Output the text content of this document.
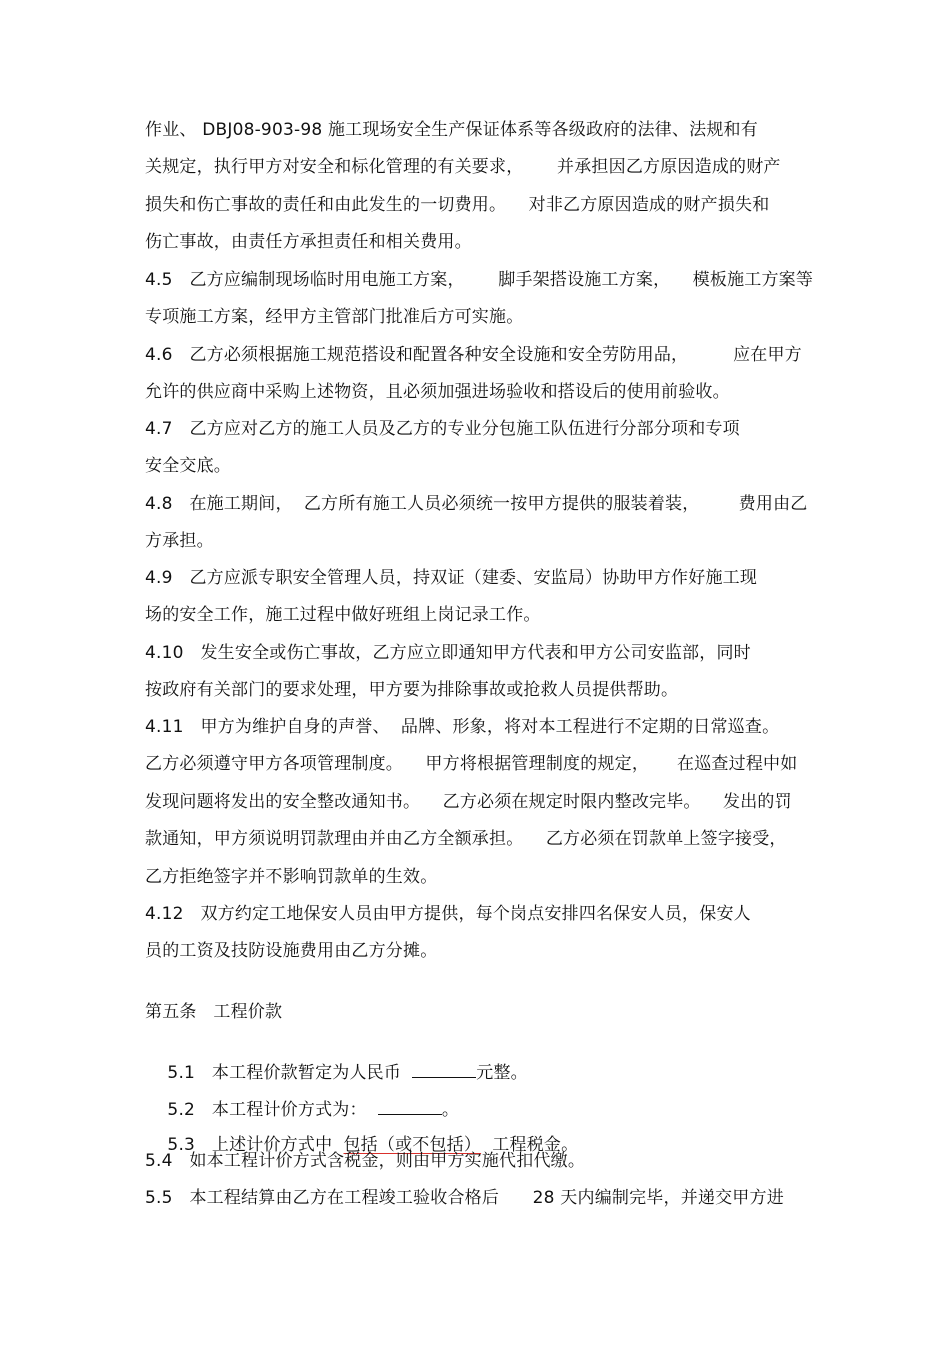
作业、 DBJ08-903-98 施工现场安全生产保证体系等各级政府的法律、法规和有
关规定，执行甲方对安全和标化管理的有关要求，      并承担因乙方原因造成的财产
损失和伤亡事故的责任和由此发生的一切费用。    对非乙方原因造成的财产损失和
伤亡事故，由责任方承担责任和相关费用。
4.5   乙方应编制现场临时用电施工方案，      脚手架搭设施工方案，    模板施工方案等
专项施工方案，经甲方主管部门批准后方可实施。
4.6   乙方必须根据施工规范搭设和配置各种安全设施和安全劳防用品，        应在甲方
允许的供应商中采购上述物资，且必须加强进场验收和搭设后的使用前验收。
4.7   乙方应对乙方的施工人员及乙方的专业分包施工队伍进行分部分项和专项
安全交底。
4.8   在施工期间，  乙方所有施工人员必须统一按甲方提供的服装着装，       费用由乙
方承担。
4.9   乙方应派专职安全管理人员，持双证（建委、安监局）协助甲方作好施工现
场的安全工作，施工过程中做好班组上岗记录工作。
4.10   发生安全或伤亡事故，乙方应立即通知甲方代表和甲方公司安监部，同时
按政府有关部门的要求处理，甲方要为排除事故或抢救人员提供帮助。
4.11   甲方为维护自身的声誉、  品牌、形象，将对本工程进行不定期的日常巡查。
乙方必须遵守甲方各项管理制度。    甲方将根据管理制度的规定，     在巡查过程中如
发现问题将发出的安全整改通知书。    乙方必须在规定时限内整改完毕。    发出的罚
款通知，甲方须说明罚款理由并由乙方全额承担。    乙方必须在罚款单上签字接受，
乙方拒绝签字并不影响罚款单的生效。
4.12   双方约定工地保安人员由甲方提供，每个岗点安排四名保安人员，保安人
员的工资及技防设施费用由乙方分摊。
第五条   工程价款

5.1   本工程价款暂定为人民币	元整。

5.2   本工程计价方式为：	。

5.3   上述计价方式中  包括（或不包括）  工程税金。

5.4   如本工程计价方式含税金，则由甲方实施代扣代缴。
5.5   本工程结算由乙方在工程竣工验收合格后      28 天内编制完毕，并递交甲方进
